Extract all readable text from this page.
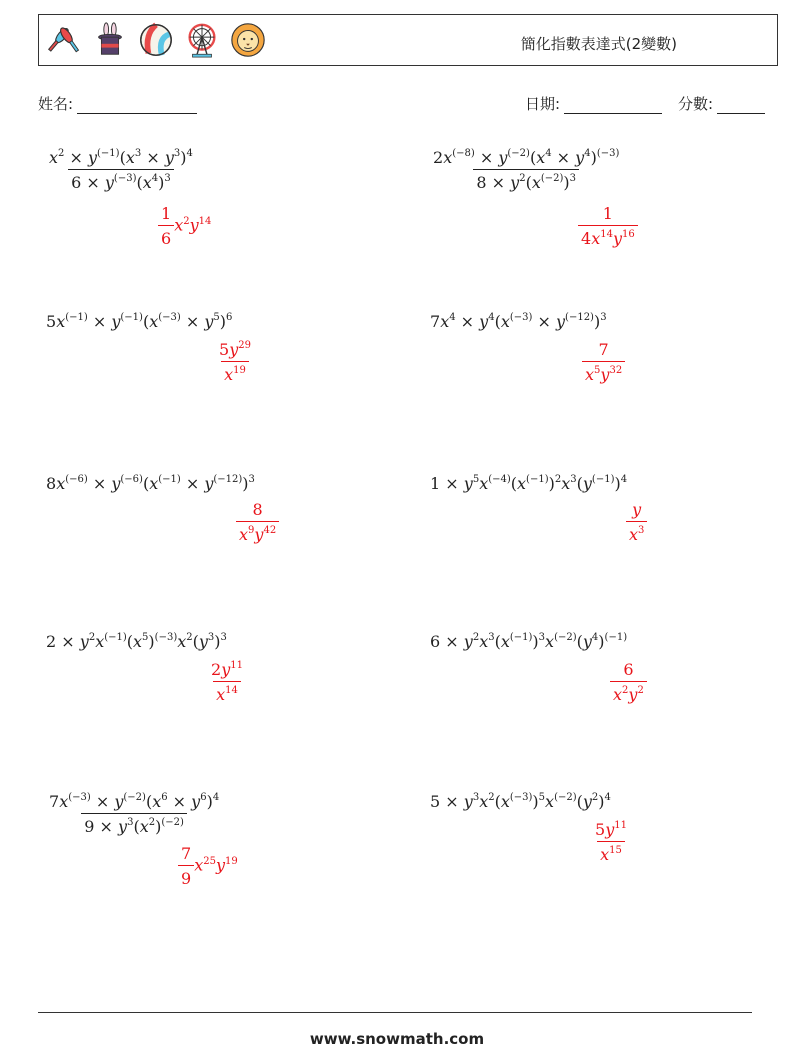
簡化指數表達式(2變數)
姓名:	日期:	分數:
$\frac{x^2 \times y^{(-1)}(x^3 \times y^3)^4}{6 \times y^{(-3)}(x^4)^3}$
$\frac{1}{6} x^2y^{14}$
$\frac{2x^{(-8)} \times y^{(-2)}(x^4 \times y^4)^{(-3)}}{8 \times y^2(x^{(-2)})^3}$
$\frac{1}{4x^{14}y^{16}}$
$5x^{(-1)} \times y^{(-1)}(x^{(-3)} \times y^5)^6$
$\frac{5y^{29}}{x^{19}}$
$7x^4 \times y^4(x^{(-3)} \times y^{(-12)})^3$
$\frac{7}{x^5y^{32}}$
$8x^{(-6)} \times y^{(-6)}(x^{(-1)} \times y^{(-12)})^3$
$\frac{8}{x^9y^{42}}$
$1 \times y^5x^{(-4)}(x^{(-1)})^2x^3(y^{(-1)})^4$
$\frac{y}{x^3}$
$2 \times y^2x^{(-1)}(x^5)^{(-3)}x^2(y^3)^3$
$\frac{2y^{11}}{x^{14}}$
$6 \times y^2x^3(x^{(-1)})^3x^{(-2)}(y^4)^{(-1)}$
$\frac{6}{x^2y^2}$
$\frac{7x^{(-3)} \times y^{(-2)}(x^6 \times y^6)^4}{9 \times y^3(x^2)^{(-2)}}$
$\frac{7}{9} x^{25}y^{19}$
$5 \times y^3x^2(x^{(-3)})^5x^{(-2)}(y^2)^4$
$\frac{5y^{11}}{x^{15}}$
www.snowmath.com
